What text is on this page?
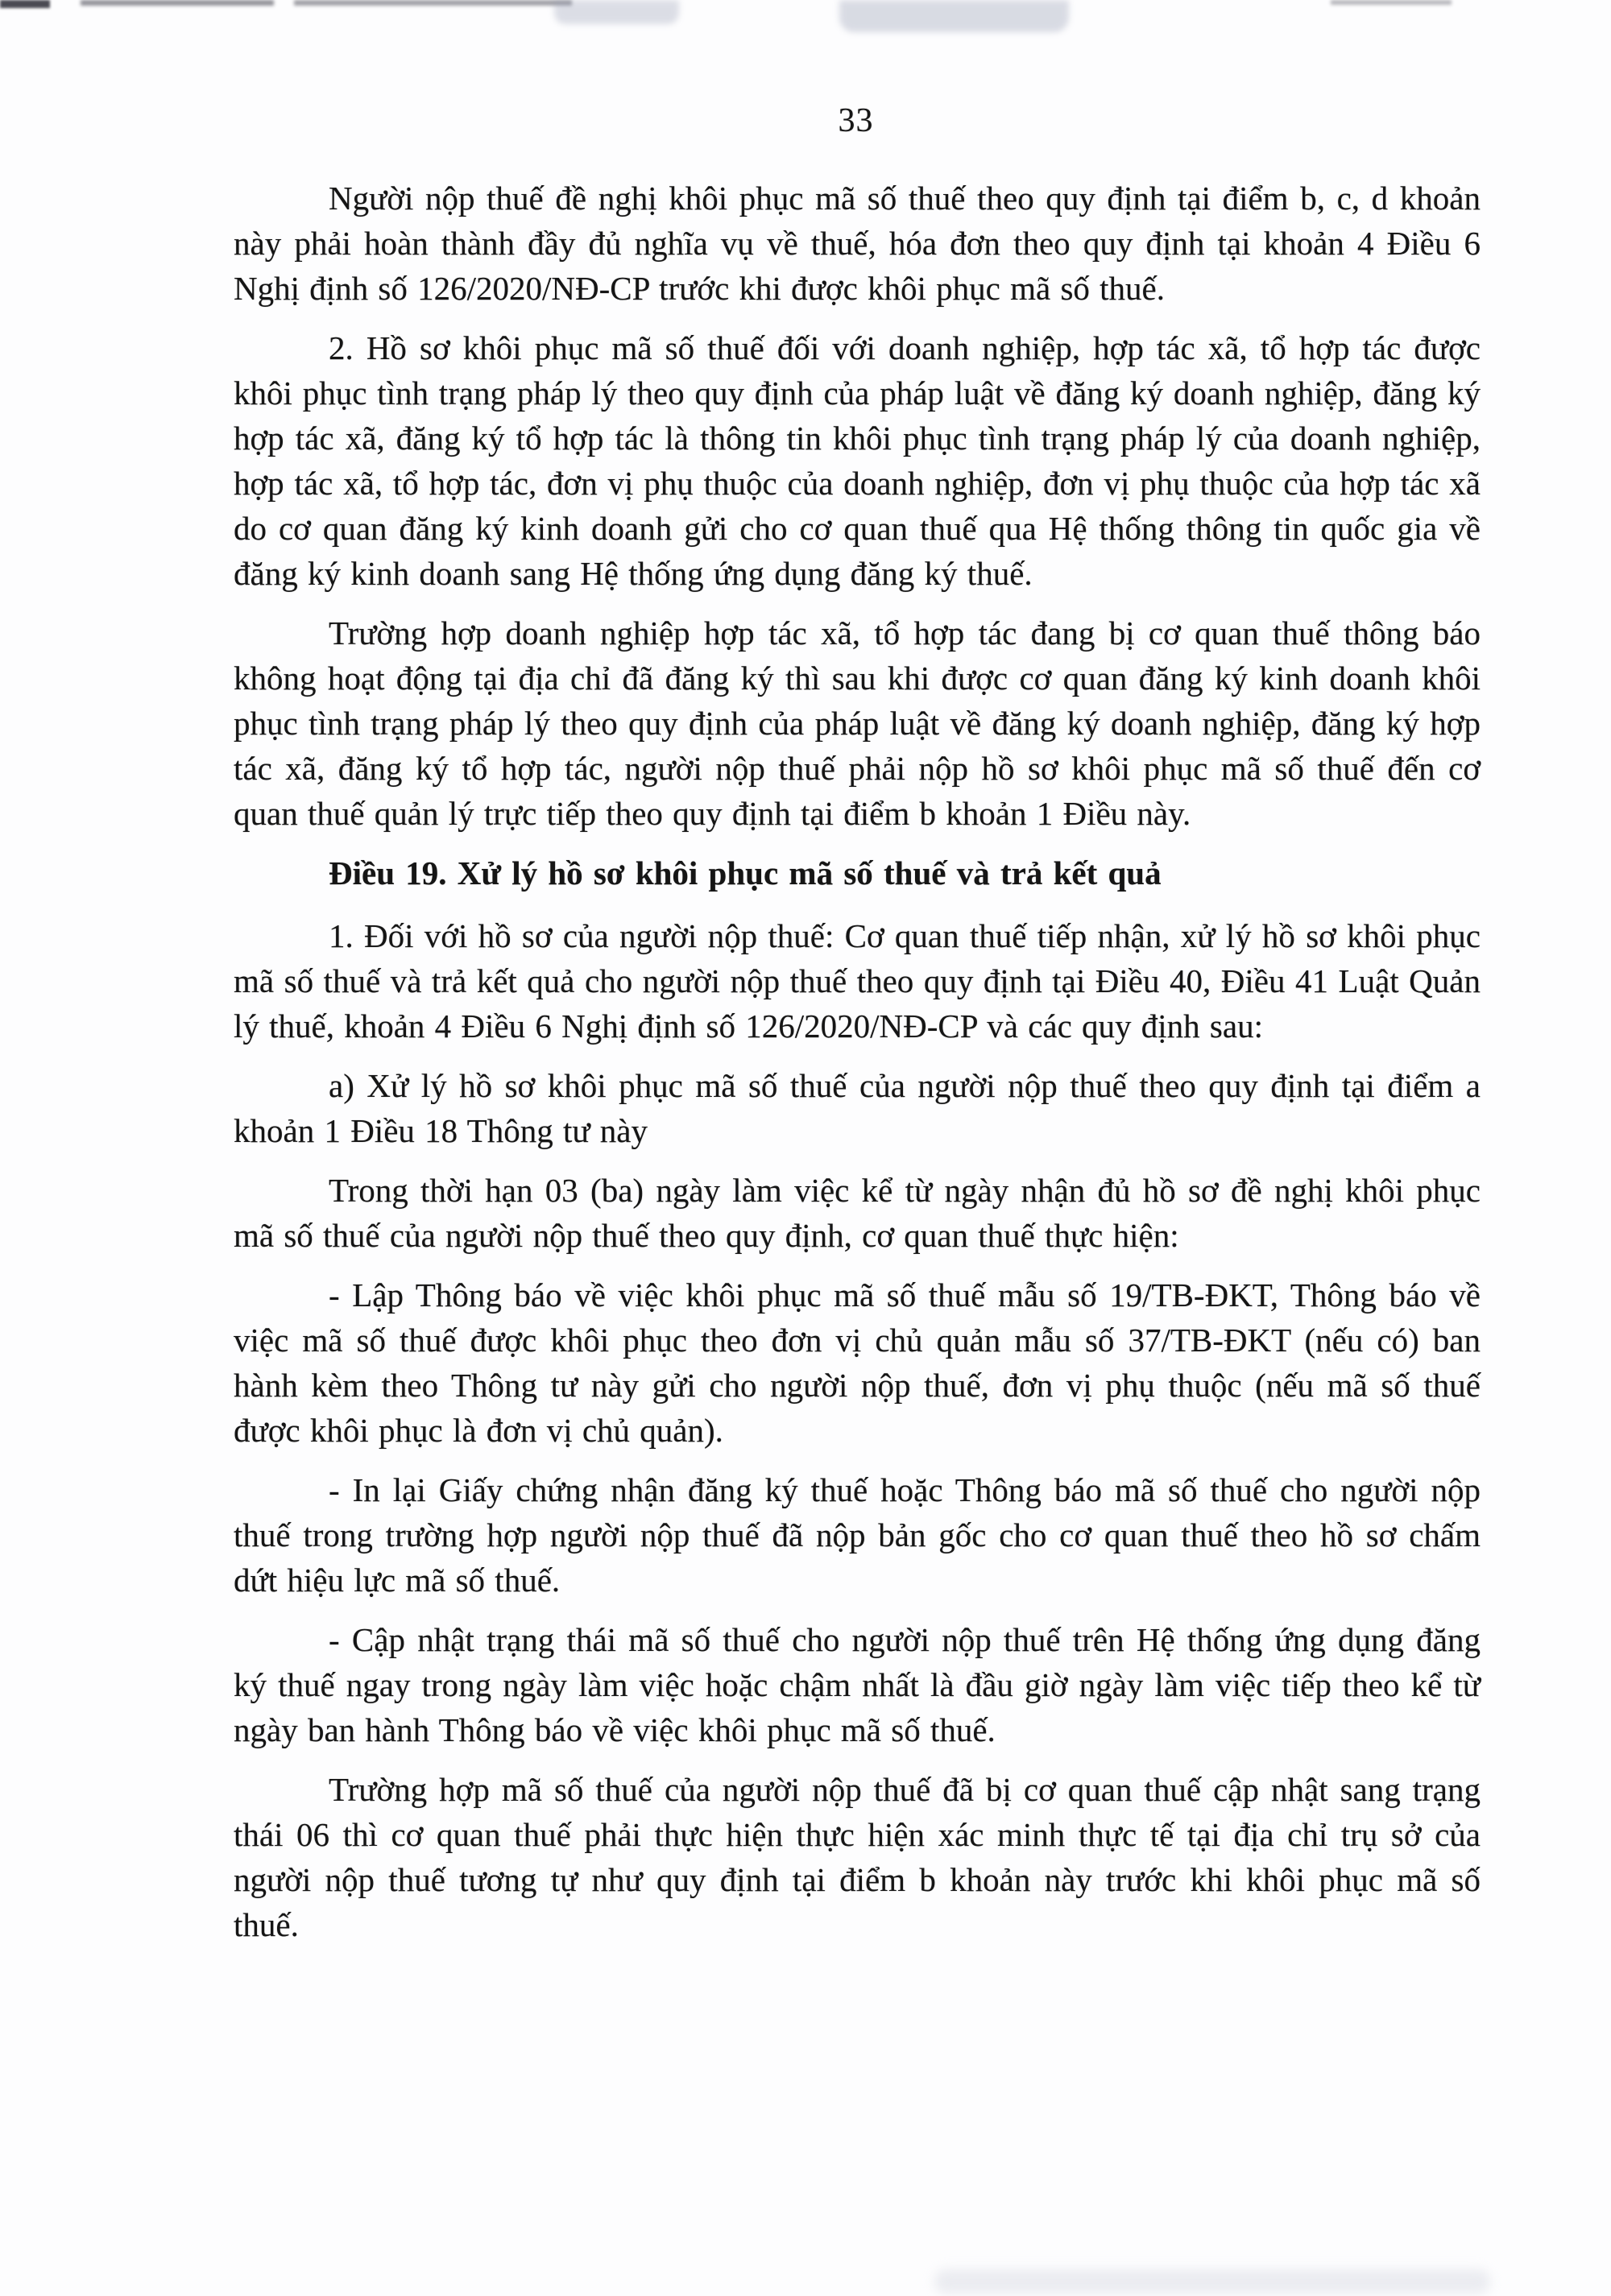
33

Người nộp thuế đề nghị khôi phục mã số thuế theo quy định tại điểm b, c, d khoản này phải hoàn thành đầy đủ nghĩa vụ về thuế, hóa đơn theo quy định tại khoản 4 Điều 6 Nghị định số 126/2020/NĐ-CP trước khi được khôi phục mã số thuế.

2. Hồ sơ khôi phục mã số thuế đối với doanh nghiệp, hợp tác xã, tổ hợp tác được khôi phục tình trạng pháp lý theo quy định của pháp luật về đăng ký doanh nghiệp, đăng ký hợp tác xã, đăng ký tổ hợp tác là thông tin khôi phục tình trạng pháp lý của doanh nghiệp, hợp tác xã, tổ hợp tác, đơn vị phụ thuộc của doanh nghiệp, đơn vị phụ thuộc của hợp tác xã do cơ quan đăng ký kinh doanh gửi cho cơ quan thuế qua Hệ thống thông tin quốc gia về đăng ký kinh doanh sang Hệ thống ứng dụng đăng ký thuế.

Trường hợp doanh nghiệp hợp tác xã, tổ hợp tác đang bị cơ quan thuế thông báo không hoạt động tại địa chỉ đã đăng ký thì sau khi được cơ quan đăng ký kinh doanh khôi phục tình trạng pháp lý theo quy định của pháp luật về đăng ký doanh nghiệp, đăng ký hợp tác xã, đăng ký tổ hợp tác, người nộp thuế phải nộp hồ sơ khôi phục mã số thuế đến cơ quan thuế quản lý trực tiếp theo quy định tại điểm b khoản 1 Điều này.

Điều 19. Xử lý hồ sơ khôi phục mã số thuế và trả kết quả

1. Đối với hồ sơ của người nộp thuế: Cơ quan thuế tiếp nhận, xử lý hồ sơ khôi phục mã số thuế và trả kết quả cho người nộp thuế theo quy định tại Điều 40, Điều 41 Luật Quản lý thuế, khoản 4 Điều 6 Nghị định số 126/2020/NĐ-CP và các quy định sau:

a) Xử lý hồ sơ khôi phục mã số thuế của người nộp thuế theo quy định tại điểm a khoản 1 Điều 18 Thông tư này

Trong thời hạn 03 (ba) ngày làm việc kể từ ngày nhận đủ hồ sơ đề nghị khôi phục mã số thuế của người nộp thuế theo quy định, cơ quan thuế thực hiện:

- Lập Thông báo về việc khôi phục mã số thuế mẫu số 19/TB-ĐKT, Thông báo về việc mã số thuế được khôi phục theo đơn vị chủ quản mẫu số 37/TB-ĐKT (nếu có) ban hành kèm theo Thông tư này gửi cho người nộp thuế, đơn vị phụ thuộc (nếu mã số thuế được khôi phục là đơn vị chủ quản).

- In lại Giấy chứng nhận đăng ký thuế hoặc Thông báo mã số thuế cho người nộp thuế trong trường hợp người nộp thuế đã nộp bản gốc cho cơ quan thuế theo hồ sơ chấm dứt hiệu lực mã số thuế.

- Cập nhật trạng thái mã số thuế cho người nộp thuế trên Hệ thống ứng dụng đăng ký thuế ngay trong ngày làm việc hoặc chậm nhất là đầu giờ ngày làm việc tiếp theo kể từ ngày ban hành Thông báo về việc khôi phục mã số thuế.

Trường hợp mã số thuế của người nộp thuế đã bị cơ quan thuế cập nhật sang trạng thái 06 thì cơ quan thuế phải thực hiện thực hiện xác minh thực tế tại địa chỉ trụ sở của người nộp thuế tương tự như quy định tại điểm b khoản này trước khi khôi phục mã số thuế.
